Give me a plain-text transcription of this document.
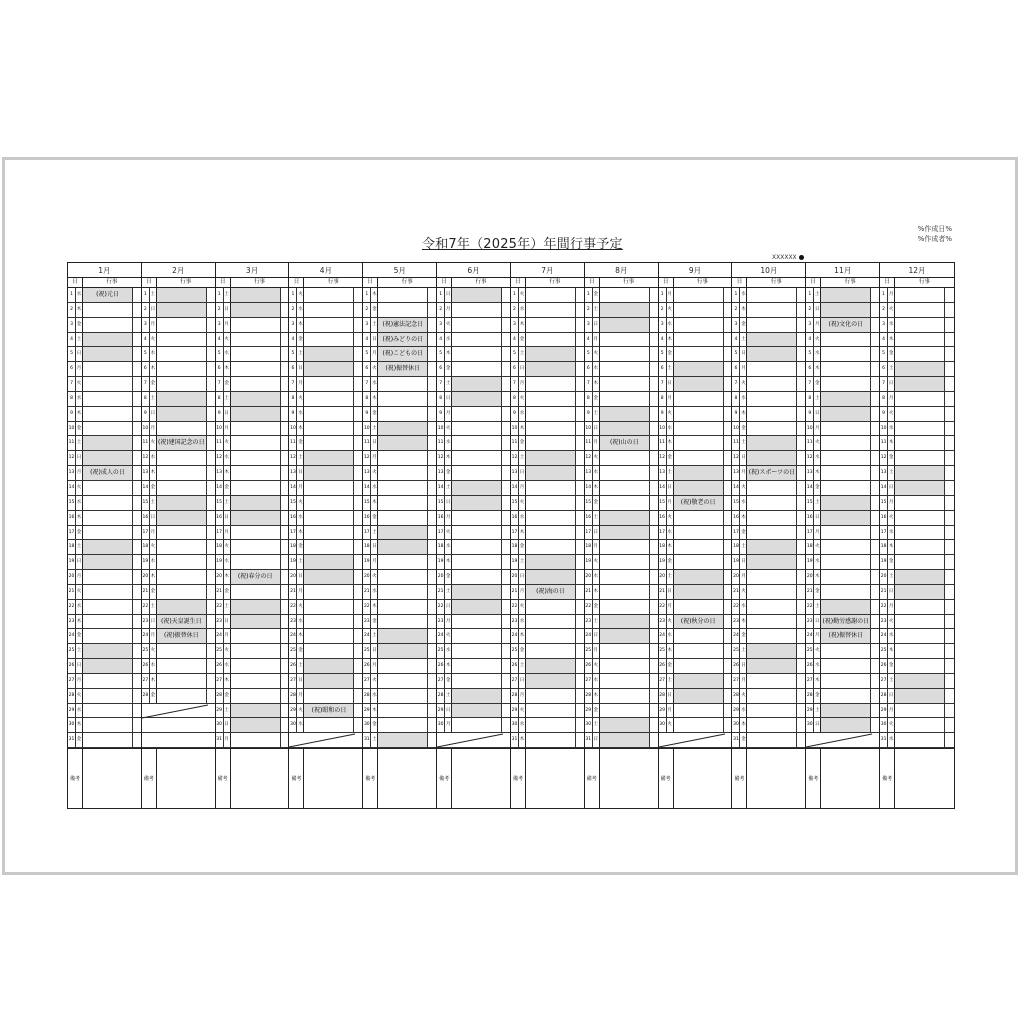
令和7年（2025年）年間行事予定
%作成日%
%作成者%
XXXXXX
1月
日	行事
1 水	(祝)元日
2 木
3 金
4 土
5 日
6 月
7 火
8 水
9 木
10 金
11 土
12 日
13 月	(祝)成人の日
14 火
15 水
16 木
17 金
18 土
19 日
20 月
21 火
22 水
23 木
24 金
25 土
26 日
27 月
28 火
29 水
30 木
31 金
備考
2月
日	行事
1 土
2 日
3 月
4 火
5 水
6 木
7 金
8 土
9 日
10 月
11 火 (祝)建国記念の日
12 水
13 木
14 金
15 土
16 日
17 月
18 火
19 水
20 木
21 金
22 土
23 日 (祝)天皇誕生日
24 月	(祝)振替休日
25 火
26 水
27 木
28 金
備考
3月
日	行事
1 土
2 日
3 月
4 火
5 水
6 木
7 金
8 土
9 日
10 月
11 火
12 水
13 木
14 金
15 土
16 日
17 月
18 火
19 水
20 木	(祝)春分の日
21 金
22 土
23 日
24 月
25 火
26 水
27 木
28 金
29 土
30 日
31 月
備考
4月
日	行事
1 火
2 水
3 木
4 金
5 土
6 日
7 月
8 火
9 水
10 木
11 金
12 土
13 日
14 月
15 火
16 水
17 木
18 金
19 土
20 日
21 月
22 火
23 水
24 木
25 金
26 土
27 日
28 月
29 火	(祝)昭和の日
30 水
備考
5月
日	行事
1 木
2 金
3 土 (祝)憲法記念日
4 日 (祝)みどりの日
5 月 (祝)こどもの日
6 火	(祝)振替休日
7 水
8 木
9 金
10 土
11 日
12 月
13 火
14 水
15 木
16 金
17 土
18 日
19 月
20 火
21 水
22 木
23 金
24 土
25 日
26 月
27 火
28 水
29 木
30 金
31 土
備考
6月
日	行事
1 日
2 月
3 火
4 水
5 木
6 金
7 土
8 日
9 月
10 火
11 水
12 木
13 金
14 土
15 日
16 月
17 火
18 水
19 木
20 金
21 土
22 日
23 月
24 火
25 水
26 木
27 金
28 土
29 日
30 月
備考
7月
日	行事
1 火
2 水
3 木
4 金
5 土
6 日
7 月
8 火
9 水
10 木
11 金
12 土
13 日
14 月
15 火
16 水
17 木
18 金
19 土
20 日
21 月	(祝)海の日
22 火
23 水
24 木
25 金
26 土
27 日
28 月
29 火
30 水
31 木
備考
8月
日	行事
1 金
2 土
3 日
4 月
5 火
6 水
7 木
8 金
9 土
10 日
11 月	(祝)山の日
12 火
13 水
14 木
15 金
16 土
17 日
18 月
19 火
20 水
21 木
22 金
23 土
24 日
25 月
26 火
27 水
28 木
29 金
30 土
31 日
備考
9月
日	行事
1 月
2 火
3 水
4 木
5 金
6 土
7 日
8 月
9 火
10 水
11 木
12 金
13 土
14 日
15 月	(祝)敬老の日
16 火
17 水
18 木
19 金
20 土
21 日
22 月
23 火	(祝)秋分の日
24 水
25 木
26 金
27 土
28 日
29 月
30 火
備考
10月
日	行事
1 水
2 木
3 金
4 土
5 日
6 月
7 火
8 水
9 木
10 金
11 土
12 日
13 月 (祝)スポーツの日
14 火
15 水
16 木
17 金
18 土
19 日
20 月
21 火
22 水
23 木
24 金
25 土
26 日
27 月
28 火
29 水
30 木
31 金
備考
11月
日	行事
1 土
2 日
3 月	(祝)文化の日
4 火
5 水
6 木
7 金
8 土
9 日
10 月
11 火
12 水
13 木
14 金
15 土
16 日
17 月
18 火
19 水
20 木
21 金
22 土
23 日 (祝)勤労感謝の日
24 月	(祝)振替休日
25 火
26 水
27 木
28 金
29 土
30 日
備考
12月
日	行事
1 月
2 火
3 水
4 木
5 金
6 土
7 日
8 月
9 火
10 水
11 木
12 金
13 土
14 日
15 月
16 火
17 水
18 木
19 金
20 土
21 日
22 月
23 火
24 水
25 木
26 金
27 土
28 日
29 月
30 火
31 水
備考
